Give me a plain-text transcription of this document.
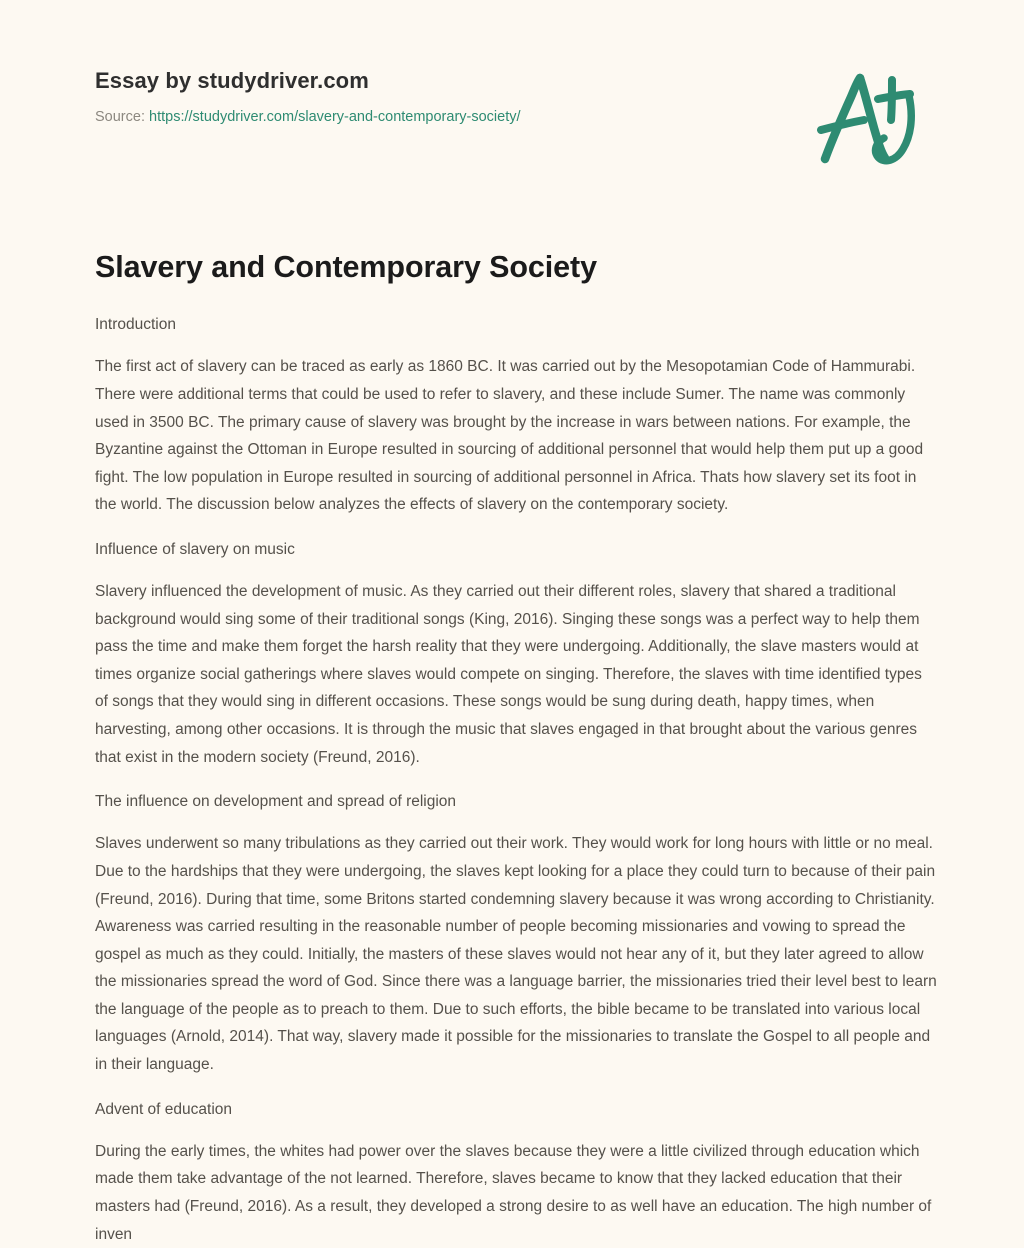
Essay by studydriver.com
Source: https://studydriver.com/slavery-and-contemporary-society/
Slavery and Contemporary Society
Introduction

The first act of slavery can be traced as early as 1860 BC. It was carried out by the Mesopotamian Code of Hammurabi. There were additional terms that could be used to refer to slavery, and these include Sumer. The name was commonly used in 3500 BC. The primary cause of slavery was brought by the increase in wars between nations. For example, the Byzantine against the Ottoman in Europe resulted in sourcing of additional personnel that would help them put up a good fight. The low population in Europe resulted in sourcing of additional personnel in Africa. Thats how slavery set its foot in the world. The discussion below analyzes the effects of slavery on the contemporary society.

Influence of slavery on music

Slavery influenced the development of music. As they carried out their different roles, slavery that shared a traditional background would sing some of their traditional songs (King, 2016). Singing these songs was a perfect way to help them pass the time and make them forget the harsh reality that they were undergoing. Additionally, the slave masters would at times organize social gatherings where slaves would compete on singing. Therefore, the slaves with time identified types of songs that they would sing in different occasions. These songs would be sung during death, happy times, when harvesting, among other occasions. It is through the music that slaves engaged in that brought about the various genres that exist in the modern society (Freund, 2016).

The influence on development and spread of religion

Slaves underwent so many tribulations as they carried out their work. They would work for long hours with little or no meal. Due to the hardships that they were undergoing, the slaves kept looking for a place they could turn to because of their pain (Freund, 2016). During that time, some Britons started condemning slavery because it was wrong according to Christianity. Awareness was carried resulting in the reasonable number of people becoming missionaries and vowing to spread the gospel as much as they could. Initially, the masters of these slaves would not hear any of it, but they later agreed to allow the missionaries spread the word of God. Since there was a language barrier, the missionaries tried their level best to learn the language of the people as to preach to them. Due to such efforts, the bible became to be translated into various local languages (Arnold, 2014). That way, slavery made it possible for the missionaries to translate the Gospel to all people and in their language.

Advent of education

During the early times, the whites had power over the slaves because they were a little civilized through education which made them take advantage of the not learned. Therefore, slaves became to know that they lacked education that their masters had (Freund, 2016). As a result, they developed a strong desire to as well have an education. The high number of inven
